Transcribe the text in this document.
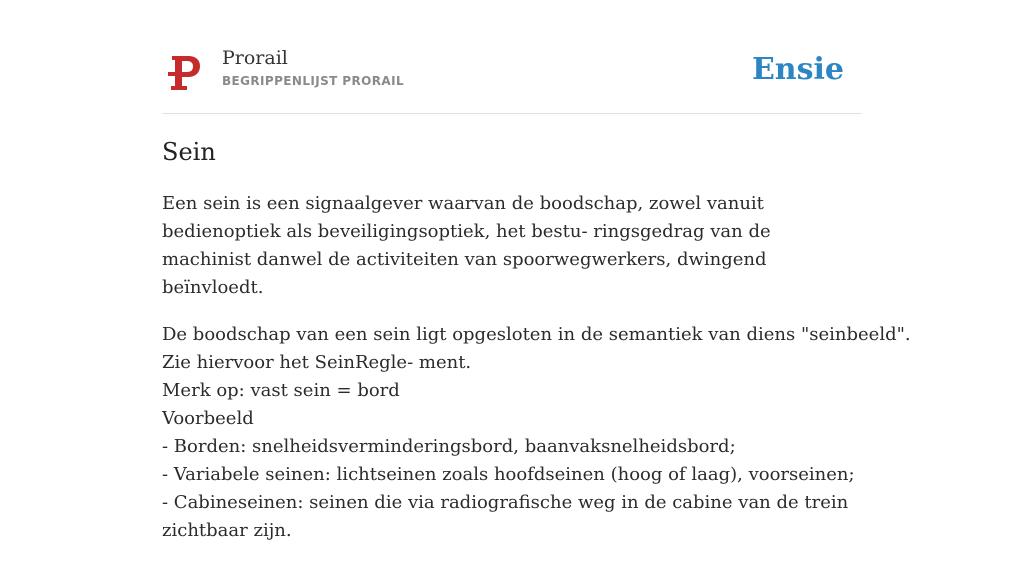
Prorail
BEGRIPPENLIJST PRORAIL	Ensie
Sein

Een sein is een signaalgever waarvan de boodschap, zowel vanuit bedienoptiek als beveiligingsoptiek, het bestu- ringsgedrag van de machinist danwel de activiteiten van spoorwegwerkers, dwingend beïnvloedt.

De boodschap van een sein ligt opgesloten in de semantiek van diens "seinbeeld".
Zie hiervoor het SeinRegle- ment.
Merk op: vast sein = bord
Voorbeeld
- Borden: snelheidsverminderingsbord, baanvaksnelheidsbord;
- Variabele seinen: lichtseinen zoals hoofdseinen (hoog of laag), voorseinen;
- Cabineseinen: seinen die via radiografische weg in de cabine van de trein zichtbaar zijn.
